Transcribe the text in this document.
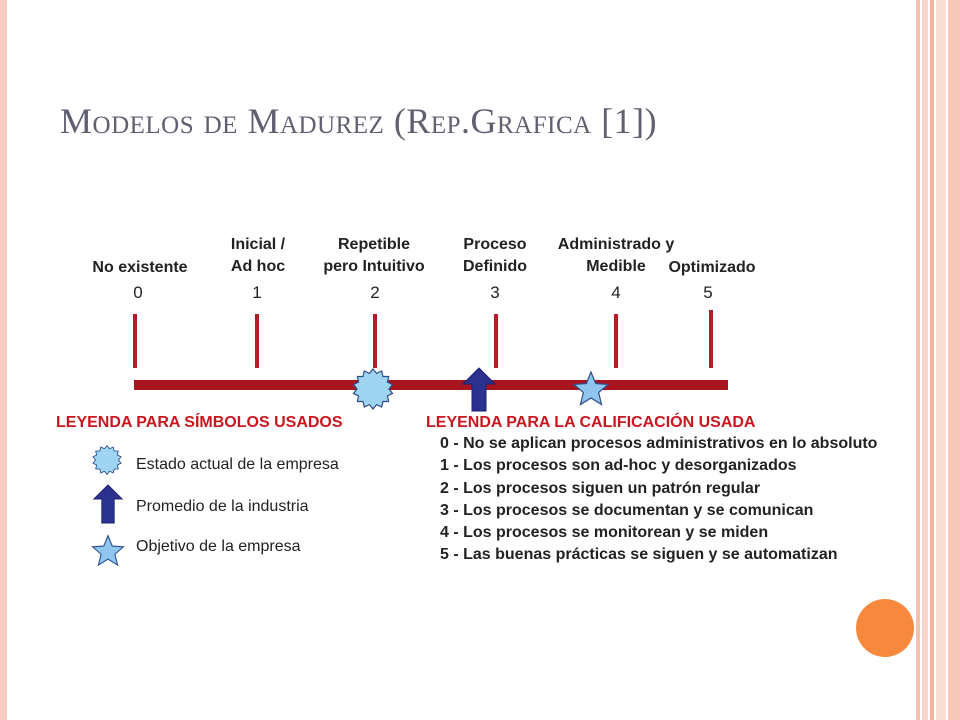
Modelos de Madurez (Rep.Grafica [1])
No existente
Inicial /
Ad hoc
Repetible
pero Intuitivo
Proceso
Definido
Administrado y
Medible	Optimizado
0	1	2	3	4	5
LEYENDA PARA SÍMBOLOS USADOS
Estado actual de la empresa
Promedio de la industria
Objetivo de la empresa
LEYENDA PARA LA CALIFICACIÓN USADA
0 - No se aplican procesos administrativos en lo absoluto
1 - Los procesos son ad-hoc y desorganizados
2 - Los procesos siguen un patrón regular
3 - Los procesos se documentan y se comunican
4 - Los procesos se monitorean y se miden
5 - Las buenas prácticas se siguen y se automatizan
